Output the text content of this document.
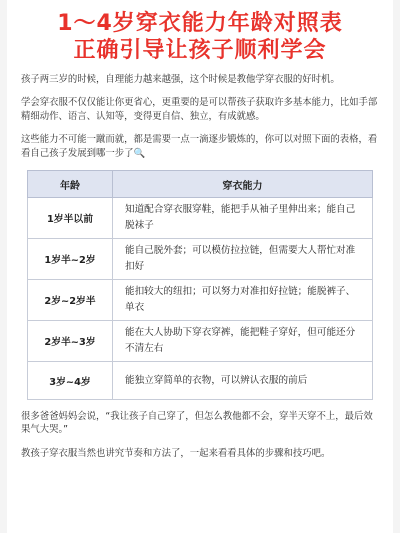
1～4岁穿衣能力年龄对照表
正确引导让孩子顺利学会

孩子两三岁的时候，自理能力越来越强，这个时候是教他学穿衣服的好时机。

学会穿衣服不仅仅能让你更省心，更重要的是可以帮孩子获取许多基本能力，比如手部精细动作、语言、认知等，变得更自信、独立，有成就感。

这些能力不可能一蹴而就，都是需要一点一滴逐步锻炼的，你可以对照下面的表格，看看自己孩子发展到哪一步了🔍

年龄	穿衣能力
1岁半以前	知道配合穿衣服穿鞋，能把手从袖子里伸出来；能自己脱袜子
1岁半~2岁	能自己脱外套；可以模仿拉拉链，但需要大人帮忙对准扣好
2岁~2岁半	能扣较大的纽扣；可以努力对准扣好拉链；能脱裤子、单衣
2岁半~3岁	能在大人协助下穿衣穿裤，能把鞋子穿好，但可能还分不清左右
3岁~4岁	能独立穿简单的衣物，可以辨认衣服的前后

很多爸爸妈妈会说，“我让孩子自己穿了，但怎么教他都不会，穿半天穿不上，最后效果气大哭。”

教孩子穿衣服当然也讲究节奏和方法了，一起来看看具体的步骤和技巧吧。
